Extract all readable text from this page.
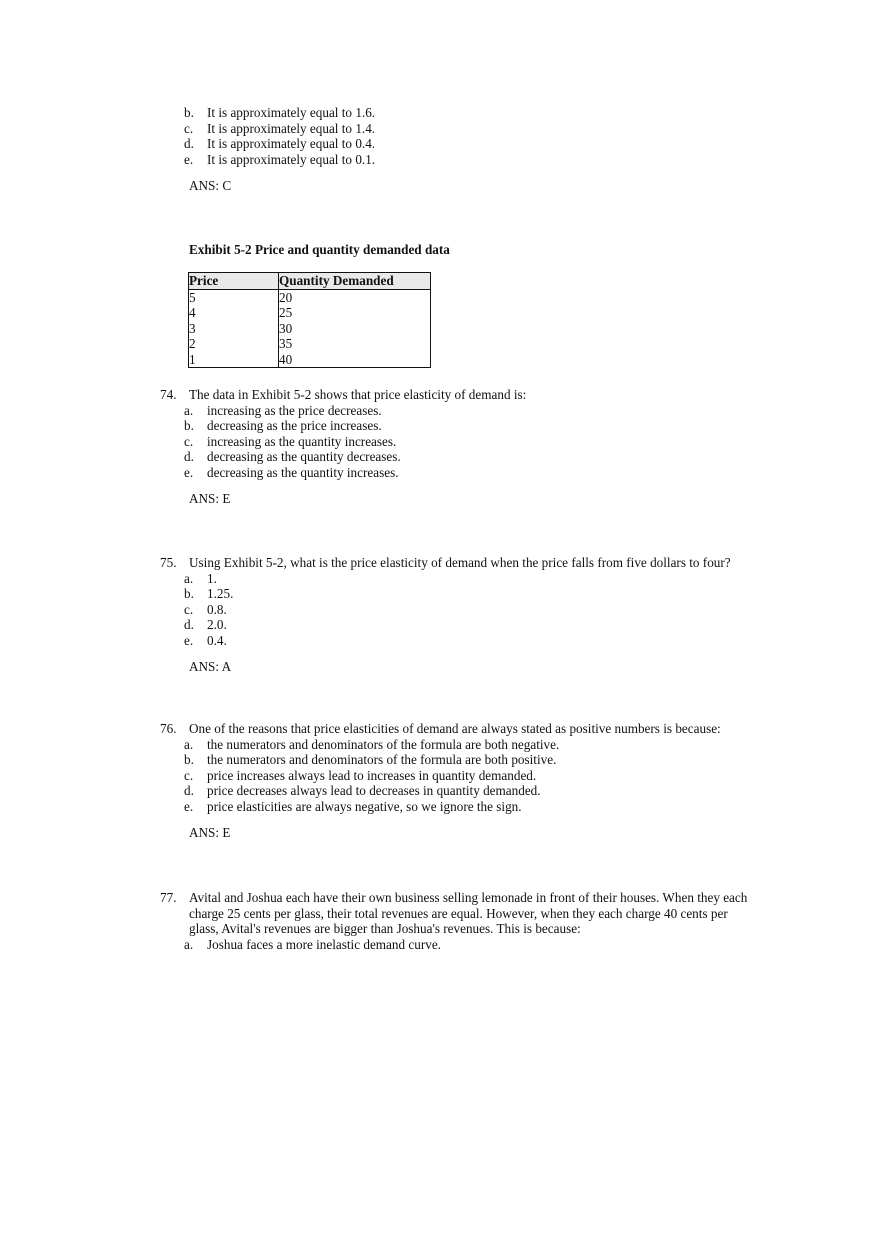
b. It is approximately equal to 1.6.
c.	It is approximately equal to 1.4.
d. It is approximately equal to 0.4.
e.	It is approximately equal to 0.1.
ANS: C
Exhibit 5-2 Price and quantity demanded data
Price	Quantity Demanded
5	20
4	25
3	30
2	35
1	40
74. The data in Exhibit 5-2 shows that price elasticity of demand is:
a.	increasing as the price decreases.
b. decreasing as the price increases.
c.	increasing as the quantity increases.
d. decreasing as the quantity decreases.
e.	decreasing as the quantity increases.
ANS: E
75. Using Exhibit 5-2, what is the price elasticity of demand when the price falls from five dollars to four?
a.	1.
b. 1.25.
c.	0.8.
d. 2.0.
e.	0.4.
ANS: A
76. One of the reasons that price elasticities of demand are always stated as positive numbers is because:
a.	the numerators and denominators of the formula are both negative.
b. the numerators and denominators of the formula are both positive.
c.	price increases always lead to increases in quantity demanded.
d. price decreases always lead to decreases in quantity demanded.
e.	price elasticities are always negative, so we ignore the sign.
ANS: E
77. Avital and Joshua each have their own business selling lemonade in front of their houses. When they each charge 25 cents per glass, their total revenues are equal. However, when they each charge 40 cents per glass, Avital's revenues are bigger than Joshua's revenues. This is because:
a.	Joshua faces a more inelastic demand curve.
